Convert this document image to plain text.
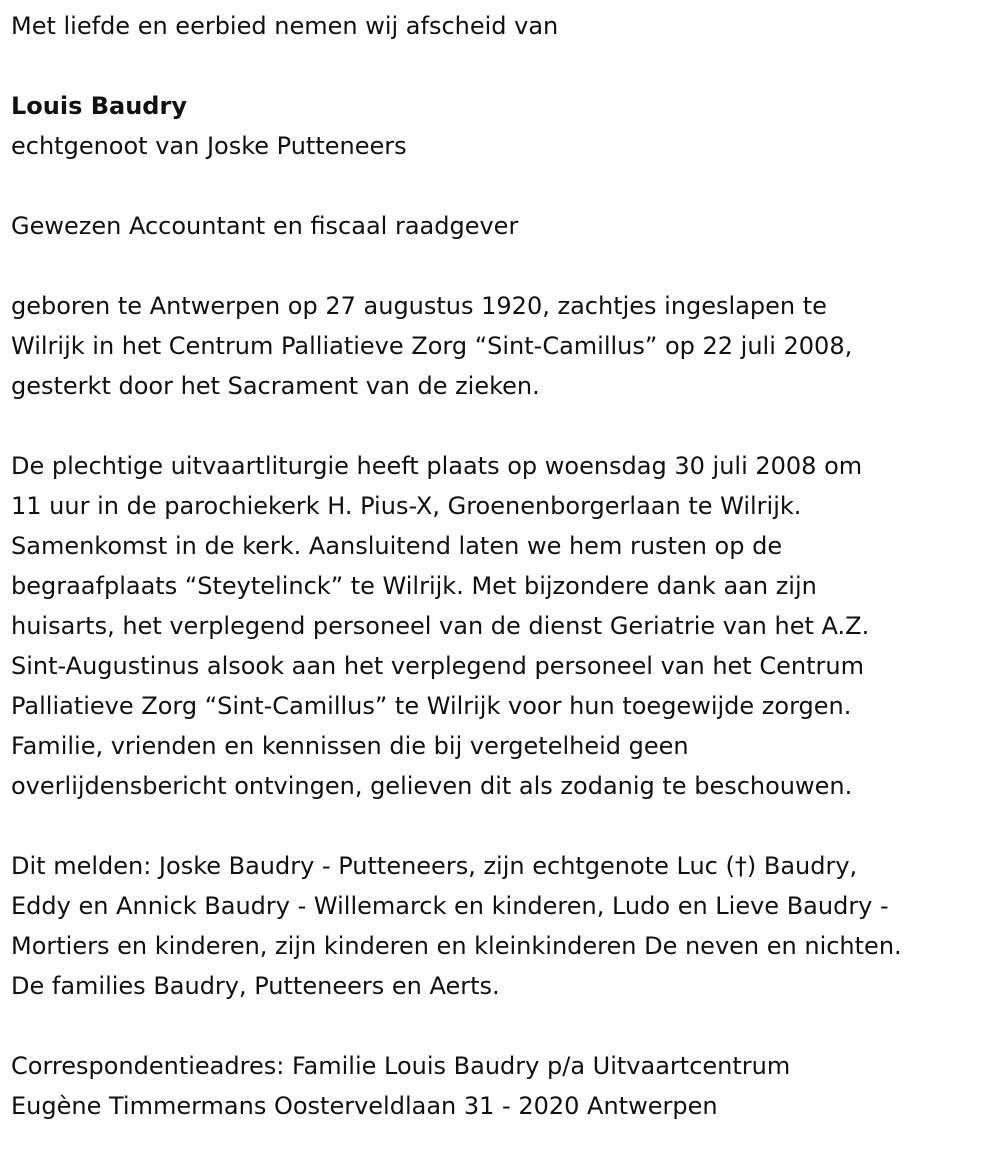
Met liefde en eerbied nemen wij afscheid van

Louis Baudry

echtgenoot van Joske Putteneers

Gewezen Accountant en fiscaal raadgever

geboren te Antwerpen op 27 augustus 1920, zachtjes ingeslapen te

Wilrijk in het Centrum Palliatieve Zorg “Sint-Camillus” op 22 juli 2008,

gesterkt door het Sacrament van de zieken.

De plechtige uitvaartliturgie heeft plaats op woensdag 30 juli 2008 om

11 uur in de parochiekerk H. Pius-X, Groenenborgerlaan te Wilrijk.

Samenkomst in de kerk. Aansluitend laten we hem rusten op de

begraafplaats “Steytelinck” te Wilrijk. Met bijzondere dank aan zijn

huisarts, het verplegend personeel van de dienst Geriatrie van het A.Z.

Sint-Augustinus alsook aan het verplegend personeel van het Centrum

Palliatieve Zorg “Sint-Camillus” te Wilrijk voor hun toegewijde zorgen.

Familie, vrienden en kennissen die bij vergetelheid geen

overlijdensbericht ontvingen, gelieven dit als zodanig te beschouwen.

Dit melden: Joske Baudry - Putteneers, zijn echtgenote Luc (†) Baudry,

Eddy en Annick Baudry - Willemarck en kinderen, Ludo en Lieve Baudry -

Mortiers en kinderen, zijn kinderen en kleinkinderen De neven en nichten.

De families Baudry, Putteneers en Aerts.

Correspondentieadres: Familie Louis Baudry p/a Uitvaartcentrum

Eugène Timmermans Oosterveldlaan 31 - 2020 Antwerpen
